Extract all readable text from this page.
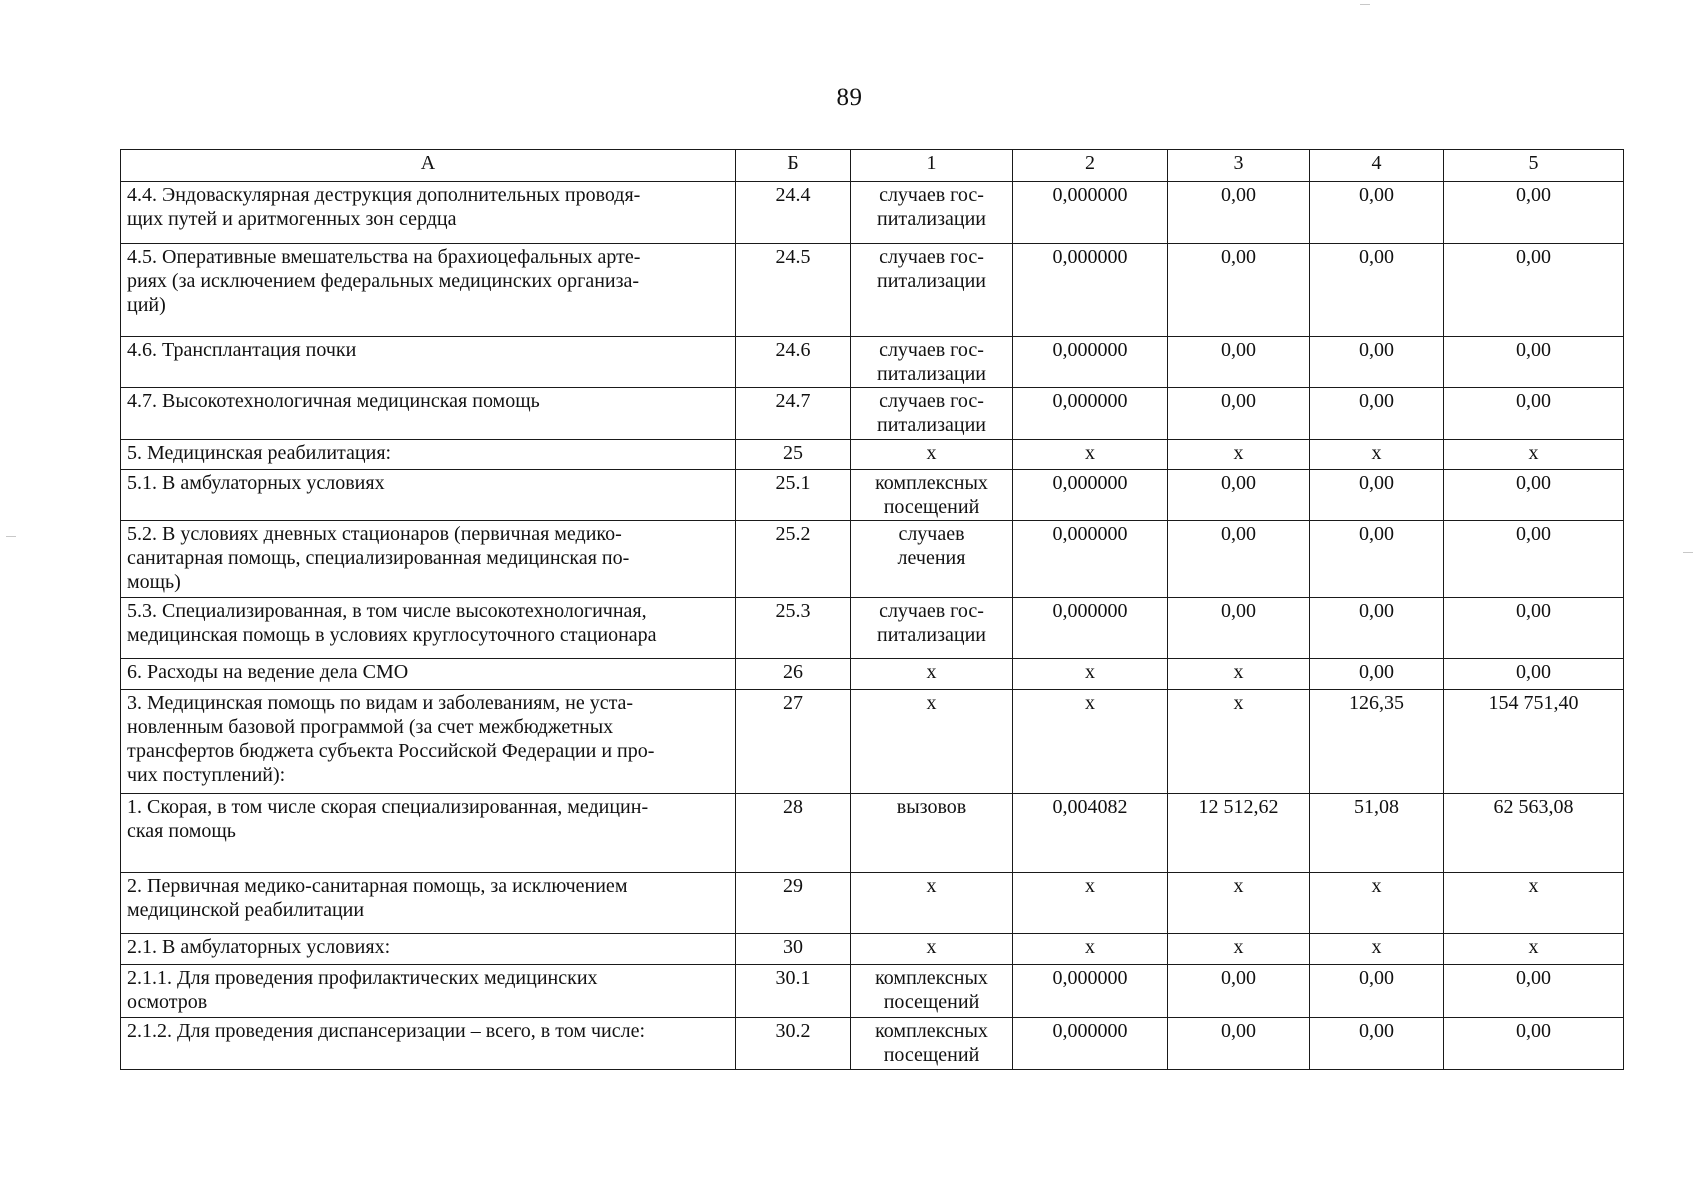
89
А	Б	1	2	3	4	5

4.4. Эндоваскулярная деструкция дополнительных проводя-
щих путей и аритмогенных зон сердца	24.4	случаев гос-
питализации	0,000000	0,00	0,00	0,00

4.5. Оперативные вмешательства на брахиоцефальных арте-
риях (за исключением федеральных медицинских организа-
ций)	24.5	случаев гос-
питализации	0,000000	0,00	0,00	0,00

4.6. Трансплантация почки	24.6	случаев гос-
питализации	0,000000	0,00	0,00	0,00

4.7. Высокотехнологичная медицинская помощь	24.7	случаев гос-
питализации	0,000000	0,00	0,00	0,00

5. Медицинская реабилитация:	25	х	х	х	х	х

5.1. В амбулаторных условиях	25.1	комплексных
посещений	0,000000	0,00	0,00	0,00

5.2. В условиях дневных стационаров (первичная медико-
санитарная помощь, специализированная медицинская по-
мощь)	25.2	случаев
лечения	0,000000	0,00	0,00	0,00

5.3. Специализированная, в том числе высокотехнологичная,
медицинская помощь в условиях круглосуточного стационара	25.3	случаев гос-
питализации	0,000000	0,00	0,00	0,00

6. Расходы на ведение дела СМО	26	х	х	х	0,00	0,00

3. Медицинская помощь по видам и заболеваниям, не уста-
новленным базовой программой (за счет межбюджетных
трансфертов бюджета субъекта Российской Федерации и про-
чих поступлений):	27	х	х	х	126,35	154 751,40

1. Скорая, в том числе скорая специализированная, медицин-
ская помощь	28	вызовов	0,004082	12 512,62	51,08	62 563,08

2. Первичная медико-санитарная помощь, за исключением
медицинской реабилитации	29	х	х	х	х	х

2.1. В амбулаторных условиях:	30	х	х	х	х	х

2.1.1. Для проведения профилактических медицинских
осмотров	30.1	комплексных
посещений	0,000000	0,00	0,00	0,00

2.1.2. Для проведения диспансеризации – всего, в том числе:	30.2	комплексных
посещений	0,000000	0,00	0,00	0,00
